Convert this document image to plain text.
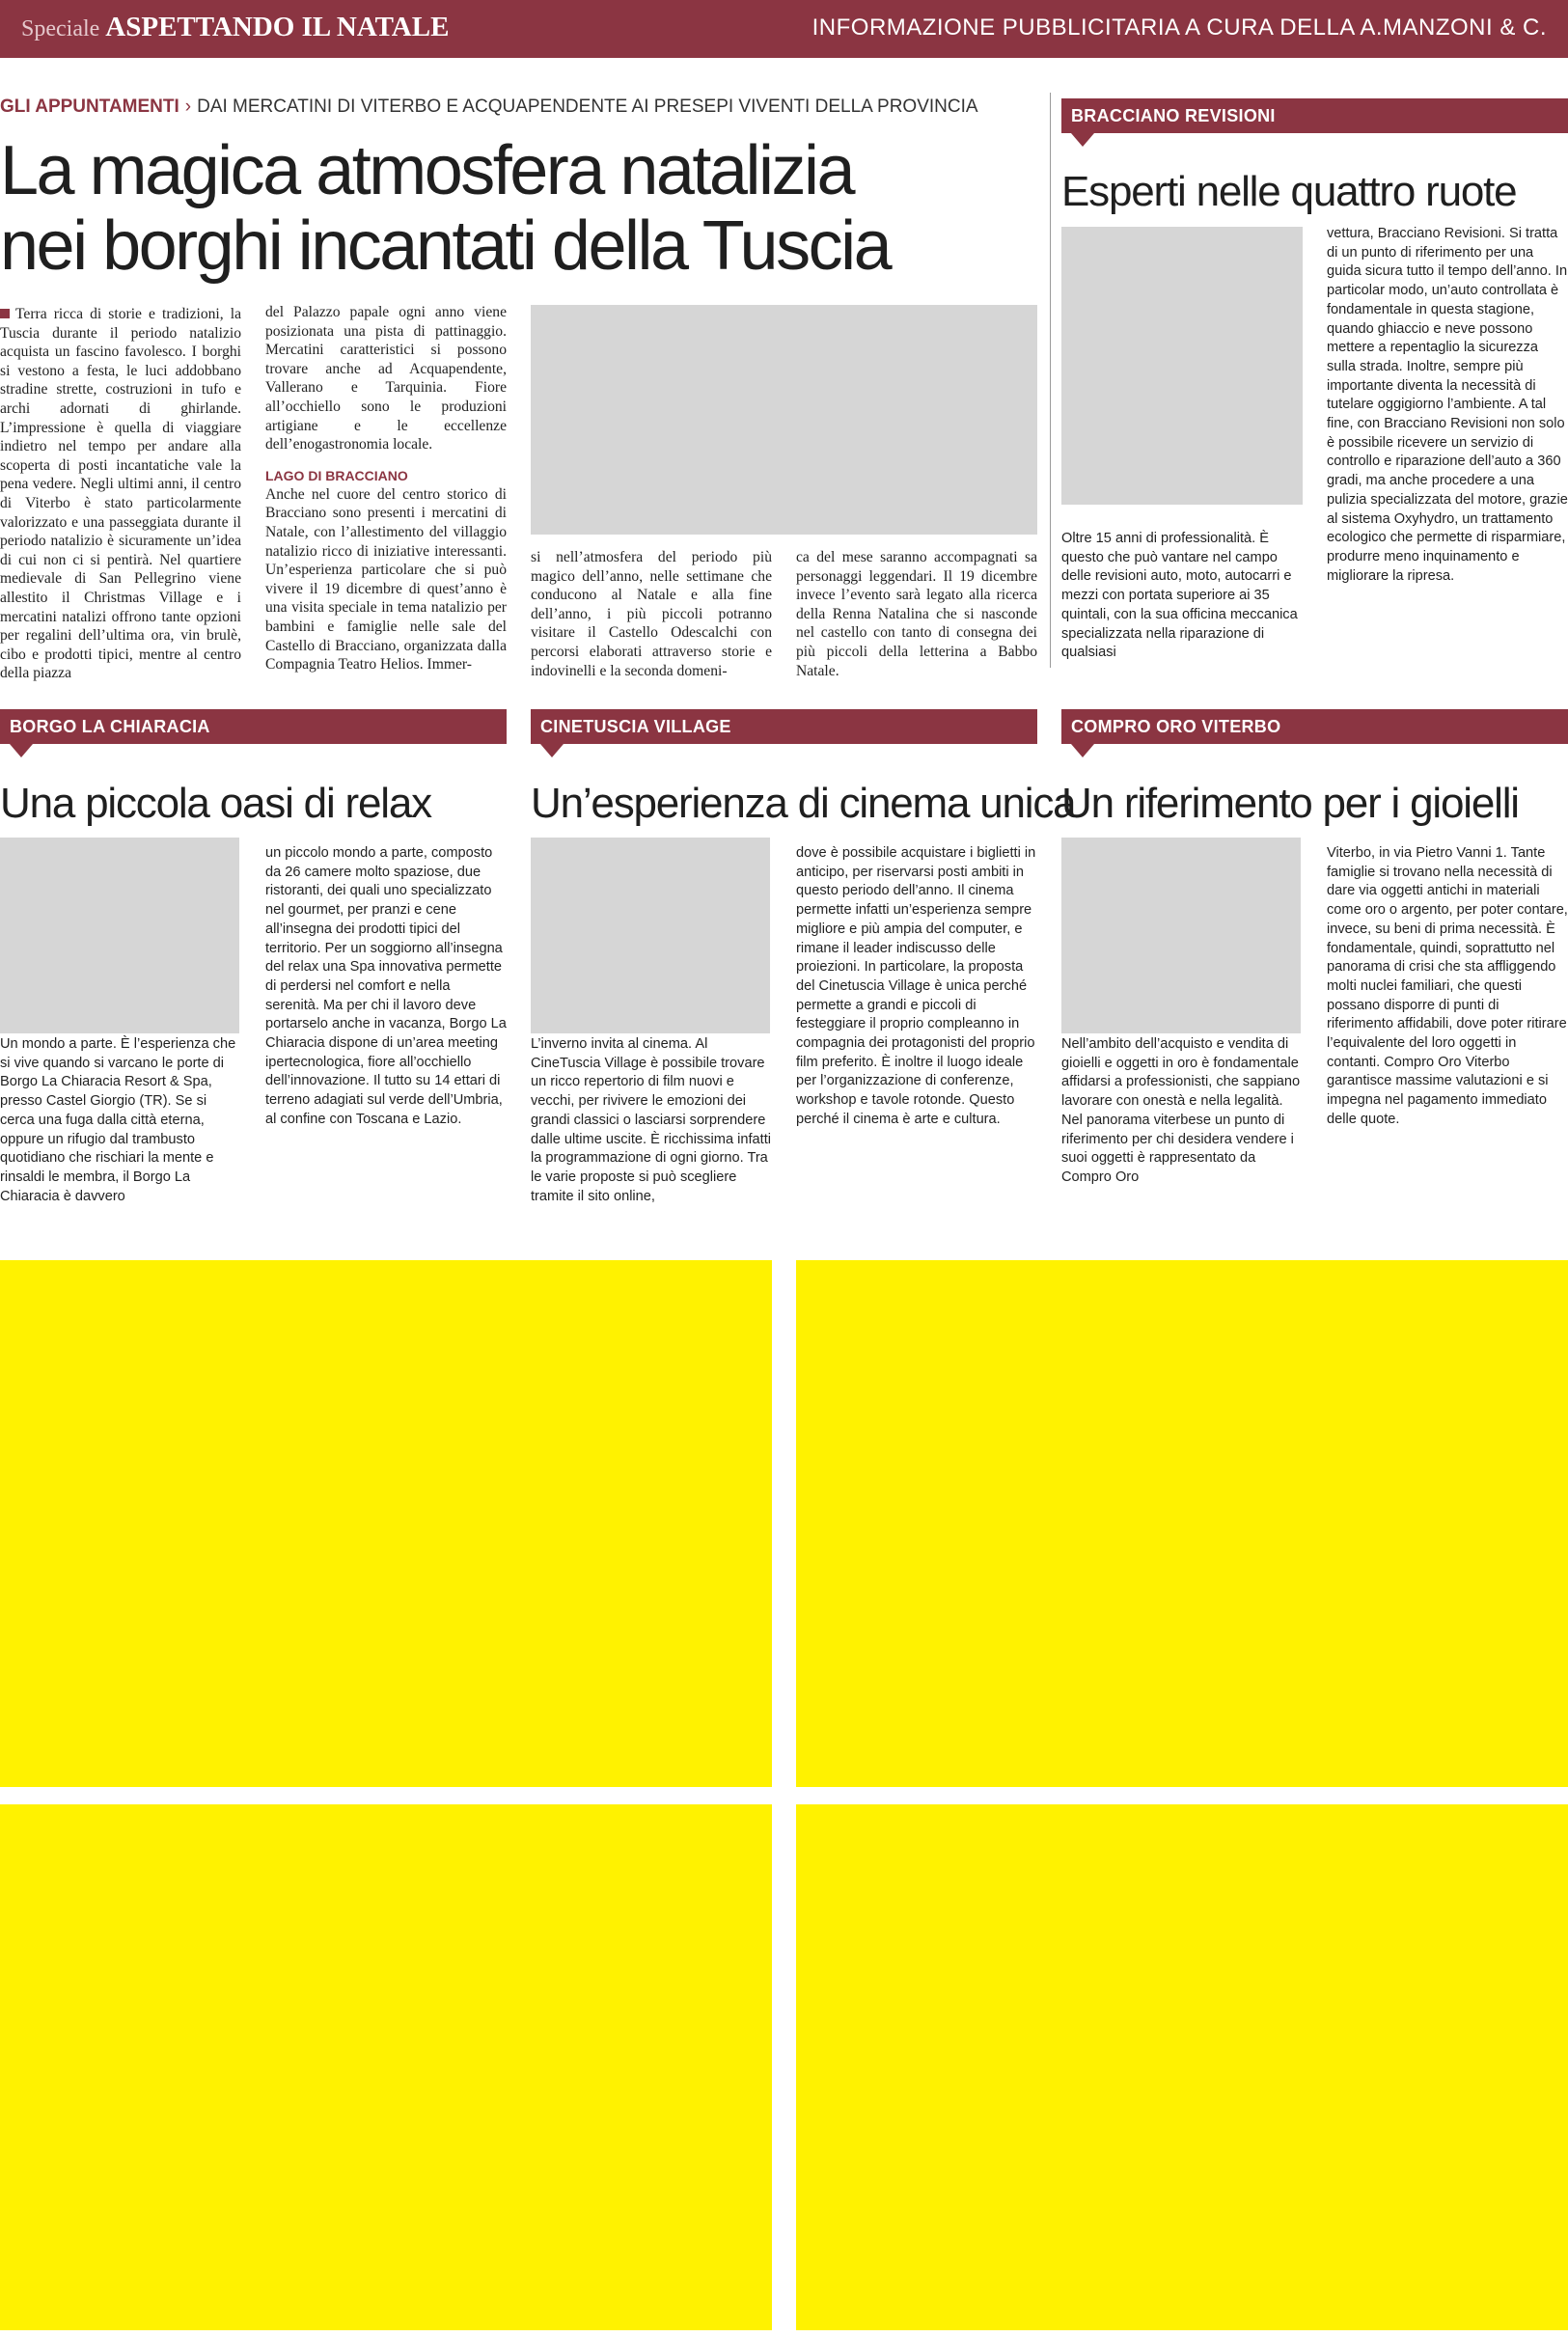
Speciale ASPETTANDO IL NATALE	INFORMAZIONE PUBBLICITARIA A CURA DELLA A.MANZONI & C.
GLI APPUNTAMENTI › DAI MERCATINI DI VITERBO E ACQUAPENDENTE AI PRESEPI VIVENTI DELLA PROVINCIA
La magica atmosfera natalizia
nei borghi incantati della Tuscia

Terra ricca di storie e tradizioni, la Tuscia durante il periodo natalizio acquista un fascino favolesco. I borghi si vestono a festa, le luci addobbano stradine strette, costruzioni in tufo e archi adornati di ghirlande. L’impressione è quella di viaggiare indietro nel tempo per andare alla scoperta di posti incantatiche vale la pena vedere. Negli ultimi anni, il centro di Viterbo è stato particolarmente valorizzato e una passeggiata durante il periodo natalizio è sicuramente un’idea di cui non ci si pentirà. Nel quartiere medievale di San Pellegrino viene allestito il Christmas Village e i mercatini natalizi offrono tante opzioni per regalini dell’ultima ora, vin brulè, cibo e prodotti tipici, mentre al centro della piazza

del Palazzo papale ogni anno viene posizionata una pista di pattinaggio. Mercatini caratteristici si possono trovare anche ad Acquapendente, Vallerano e Tarquinia. Fiore all’occhiello sono le produzioni artigiane e le eccellenze dell’enogastronomia locale.

LAGO DI BRACCIANO

Anche nel cuore del centro storico di Bracciano sono presenti i mercatini di Natale, con l’allestimento del villaggio natalizio ricco di iniziative interessanti. Un’esperienza particolare che si può vivere il 19 dicembre di quest’anno è una visita speciale in tema natalizio per bambini e famiglie nelle sale del Castello di Bracciano, organizzata dalla Compagnia Teatro Helios. Immer-

si nell’atmosfera del periodo più magico dell’anno, nelle settimane che conducono al Natale e alla fine dell’anno, i più piccoli potranno visitare il Castello Odescalchi con percorsi elaborati attraverso storie e indovinelli e la seconda domeni-

ca del mese saranno accompagnati sa personaggi leggendari. Il 19 dicembre invece l’evento sarà legato alla ricerca della Renna Natalina che si nasconde nel castello con tanto di consegna dei più piccoli della letterina a Babbo Natale.

BRACCIANO REVISIONI
Esperti nelle quattro ruote

Oltre 15 anni di professionalità. È questo che può vantare nel campo delle revisioni auto, moto, autocarri e mezzi con portata superiore ai 35 quintali, con la sua officina meccanica specializzata nella riparazione di qualsiasi

vettura, Bracciano Revisioni. Si tratta di un punto di riferimento per una guida sicura tutto il tempo dell’anno. In particolar modo, un’auto controllata è fondamentale in questa stagione, quando ghiaccio e neve possono mettere a repentaglio la sicurezza sulla strada. Inoltre, sempre più importante diventa la necessità di tutelare oggigiorno l’ambiente. A tal fine, con Bracciano Revisioni non solo è possibile ricevere un servizio di controllo e riparazione dell’auto a 360 gradi, ma anche procedere a una pulizia specializzata del motore, grazie al sistema Oxyhydro, un trattamento ecologico che permette di risparmiare, produrre meno inquinamento e migliorare la ripresa.

BORGO LA CHIARACIA
Una piccola oasi di relax

Un mondo a parte. È l’esperienza che si vive quando si varcano le porte di Borgo La Chiaracia Resort & Spa, presso Castel Giorgio (TR). Se si cerca una fuga dalla città eterna, oppure un rifugio dal trambusto quotidiano che rischiari la mente e rinsaldi le membra, il Borgo La Chiaracia è davvero

un piccolo mondo a parte, composto da 26 camere molto spaziose, due ristoranti, dei quali uno specializzato nel gourmet, per pranzi e cene all’insegna dei prodotti tipici del territorio. Per un soggiorno all’insegna del relax una Spa innovativa permette di perdersi nel comfort e nella serenità. Ma per chi il lavoro deve portarselo anche in vacanza, Borgo La Chiaracia dispone di un’area meeting ipertecnologica, fiore all’occhiello dell’innovazione. Il tutto su 14 ettari di terreno adagiati sul verde dell’Umbria, al confine con Toscana e Lazio.

CINETUSCIA VILLAGE
Un’esperienza di cinema unica

L’inverno invita al cinema. Al CineTuscia Village è possibile trovare un ricco repertorio di film nuovi e vecchi, per rivivere le emozioni dei grandi classici o lasciarsi sorprendere dalle ultime uscite. È ricchissima infatti la programmazione di ogni giorno. Tra le varie proposte si può scegliere tramite il sito online,

dove è possibile acquistare i biglietti in anticipo, per riservarsi posti ambiti in questo periodo dell’anno. Il cinema permette infatti un’esperienza sempre migliore e più ampia del computer, e rimane il leader indiscusso delle proiezioni. In particolare, la proposta del Cinetuscia Village è unica perché permette a grandi e piccoli di festeggiare il proprio compleanno in compagnia dei protagonisti del proprio film preferito. È inoltre il luogo ideale per l’organizzazione di conferenze, workshop e tavole rotonde. Questo perché il cinema è arte e cultura.

COMPRO ORO VITERBO
Un riferimento per i gioielli

Nell’ambito dell’acquisto e vendita di gioielli e oggetti in oro è fondamentale affidarsi a professionisti, che sappiano lavorare con onestà e nella legalità. Nel panorama viterbese un punto di riferimento per chi desidera vendere i suoi oggetti è rappresentato da Compro Oro

Viterbo, in via Pietro Vanni 1. Tante famiglie si trovano nella necessità di dare via oggetti antichi in materiali come oro o argento, per poter contare, invece, su beni di prima necessità. È fondamentale, quindi, soprattutto nel panorama di crisi che sta affliggendo molti nuclei familiari, che questi possano disporre di punti di riferimento affidabili, dove poter ritirare l’equivalente del loro oggetti in contanti. Compro Oro Viterbo garantisce massime valutazioni e si impegna nel pagamento immediato delle quote.
